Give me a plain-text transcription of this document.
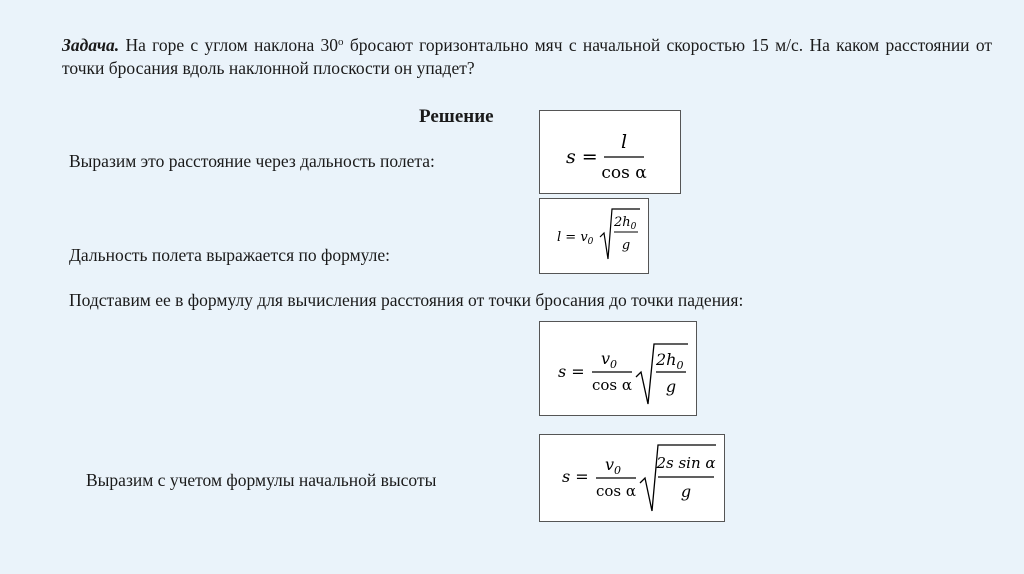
Задача. На горе с углом наклона $30^о$ бросают горизонтально мяч с начальной скоростью 15 м/с. На каком расстоянии от точки бросания вдоль наклонной плоскости он упадет?
Решение
Выразим это расстояние через дальность полета:
Дальность полета выражается по формуле:
Подставим ее в формулу для вычисления расстояния от точки бросания до точки падения:
Выразим с учетом формулы начальной высоты
s =
l
cos α
$l = v_0$
$2h_0$
g
s =
$v_0$
cos α
$2h_0$
g
s =
$v_0$
cos α
2s sin α
g
